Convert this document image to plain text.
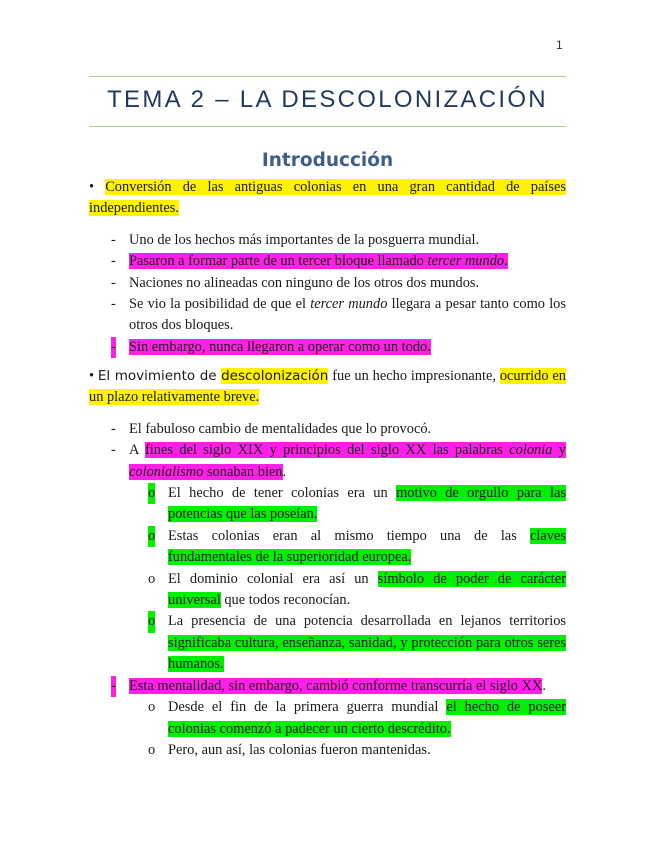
1
TEMA 2 – LA DESCOLONIZACIÓN
Introducción
• Conversión de las antiguas colonias en una gran cantidad de países independientes.
- Uno de los hechos más importantes de la posguerra mundial.
- Pasaron a formar parte de un tercer bloque llamado tercer mundo.
- Naciones no alineadas con ninguno de los otros dos mundos.
- Se vio la posibilidad de que el tercer mundo llegara a pesar tanto como los otros dos bloques.
- Sin embargo, nunca llegaron a operar como un todo.
• El movimiento de descolonización fue un hecho impresionante, ocurrido en un plazo relativamente breve.
- El fabuloso cambio de mentalidades que lo provocó.
- A fines del siglo XIX y principios del siglo XX las palabras colonia y colonialismo sonaban bien.
o El hecho de tener colonias era un motivo de orgullo para las potencias que las poseían.
o Estas colonias eran al mismo tiempo una de las claves fundamentales de la superioridad europea.
o El dominio colonial era así un símbolo de poder de carácter universal que todos reconocían.
o La presencia de una potencia desarrollada en lejanos territorios significaba cultura, enseñanza, sanidad, y protección para otros seres humanos.
- Esta mentalidad, sin embargo, cambió conforme transcurría el siglo XX.
o Desde el fin de la primera guerra mundial el hecho de poseer colonias comenzó a padecer un cierto descrédito.
o Pero, aun así, las colonias fueron mantenidas.
